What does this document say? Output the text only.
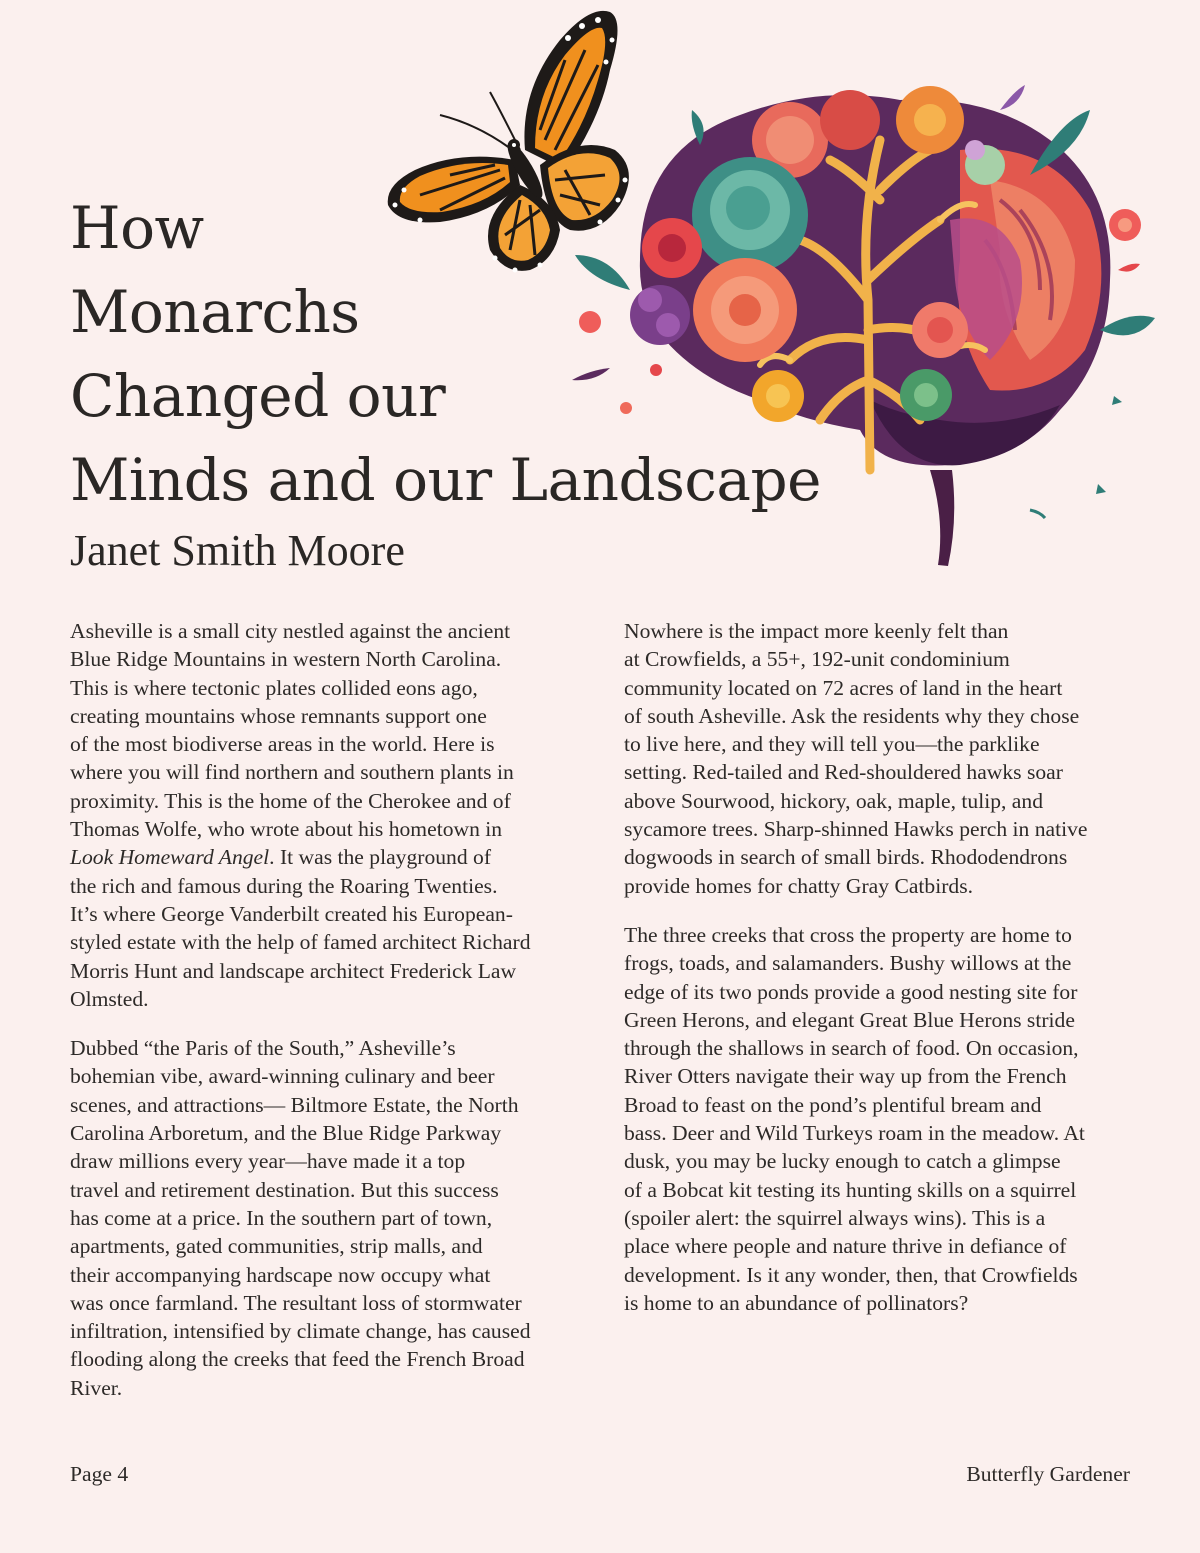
How
Monarchs
Changed our
Minds and our Landscape
Janet Smith Moore

Asheville is a small city nestled against the ancient
Blue Ridge Mountains in western North Carolina.
This is where tectonic plates collided eons ago,
creating mountains whose remnants support one
of the most biodiverse areas in the world. Here is
where you will find northern and southern plants in
proximity. This is the home of the Cherokee and of
Thomas Wolfe, who wrote about his hometown in
Look Homeward Angel. It was the playground of
the rich and famous during the Roaring Twenties.
It’s where George Vanderbilt created his European-
styled estate with the help of famed architect Richard
Morris Hunt and landscape architect Frederick Law
Olmsted.

Dubbed “the Paris of the South,” Asheville’s
bohemian vibe, award-winning culinary and beer
scenes, and attractions— Biltmore Estate, the North
Carolina Arboretum, and the Blue Ridge Parkway
draw millions every year—have made it a top
travel and retirement destination. But this success
has come at a price. In the southern part of town,
apartments, gated communities, strip malls, and
their accompanying hardscape now occupy what
was once farmland. The resultant loss of stormwater
infiltration, intensified by climate change, has caused
flooding along the creeks that feed the French Broad
River.

Nowhere is the impact more keenly felt than
at Crowfields, a 55+, 192-unit condominium
community located on 72 acres of land in the heart
of south Asheville. Ask the residents why they chose
to live here, and they will tell you—the parklike
setting. Red-tailed and Red-shouldered hawks soar
above Sourwood, hickory, oak, maple, tulip, and
sycamore trees. Sharp-shinned Hawks perch in native
dogwoods in search of small birds. Rhododendrons
provide homes for chatty Gray Catbirds.

The three creeks that cross the property are home to
frogs, toads, and salamanders. Bushy willows at the
edge of its two ponds provide a good nesting site for
Green Herons, and elegant Great Blue Herons stride
through the shallows in search of food. On occasion,
River Otters navigate their way up from the French
Broad to feast on the pond’s plentiful bream and
bass. Deer and Wild Turkeys roam in the meadow. At
dusk, you may be lucky enough to catch a glimpse
of a Bobcat kit testing its hunting skills on a squirrel
(spoiler alert: the squirrel always wins). This is a
place where people and nature thrive in defiance of
development. Is it any wonder, then, that Crowfields
is home to an abundance of pollinators?

Page 4	Butterfly Gardener
